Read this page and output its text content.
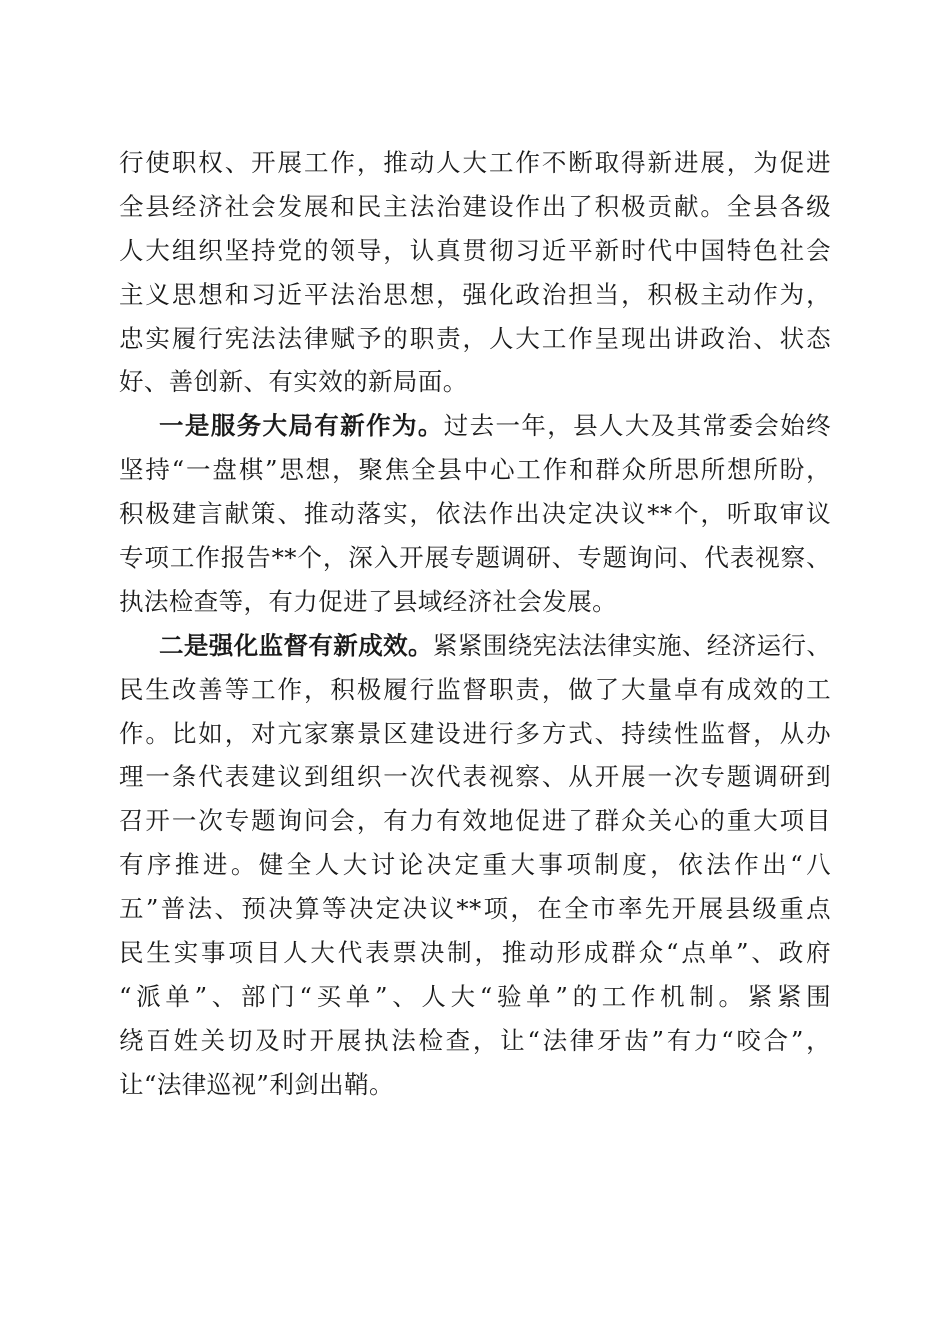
行使职权、开展工作，推动人大工作不断取得新进展，为促进
全县经济社会发展和民主法治建设作出了积极贡献。全县各级
人大组织坚持党的领导，认真贯彻习近平新时代中国特色社会
主义思想和习近平法治思想，强化政治担当，积极主动作为，
忠实履行宪法法律赋予的职责，人大工作呈现出讲政治、状态
好、善创新、有实效的新局面。
一是服务大局有新作为。过去一年，县人大及其常委会始终
坚持“一盘棋”思想，聚焦全县中心工作和群众所思所想所盼，
积极建言献策、推动落实，依法作出决定决议**个，听取审议
专项工作报告**个，深入开展专题调研、专题询问、代表视察、
执法检查等，有力促进了县域经济社会发展。
二是强化监督有新成效。紧紧围绕宪法法律实施、经济运行、
民生改善等工作，积极履行监督职责，做了大量卓有成效的工
作。比如，对亢家寨景区建设进行多方式、持续性监督，从办
理一条代表建议到组织一次代表视察、从开展一次专题调研到
召开一次专题询问会，有力有效地促进了群众关心的重大项目
有序推进。健全人大讨论决定重大事项制度，依法作出“八
五”普法、预决算等决定决议**项，在全市率先开展县级重点
民生实事项目人大代表票决制，推动形成群众“点单”、政府
“派单”、部门“买单”、人大“验单”的工作机制。紧紧围
绕百姓关切及时开展执法检查，让“法律牙齿”有力“咬合”，
让“法律巡视”利剑出鞘。
